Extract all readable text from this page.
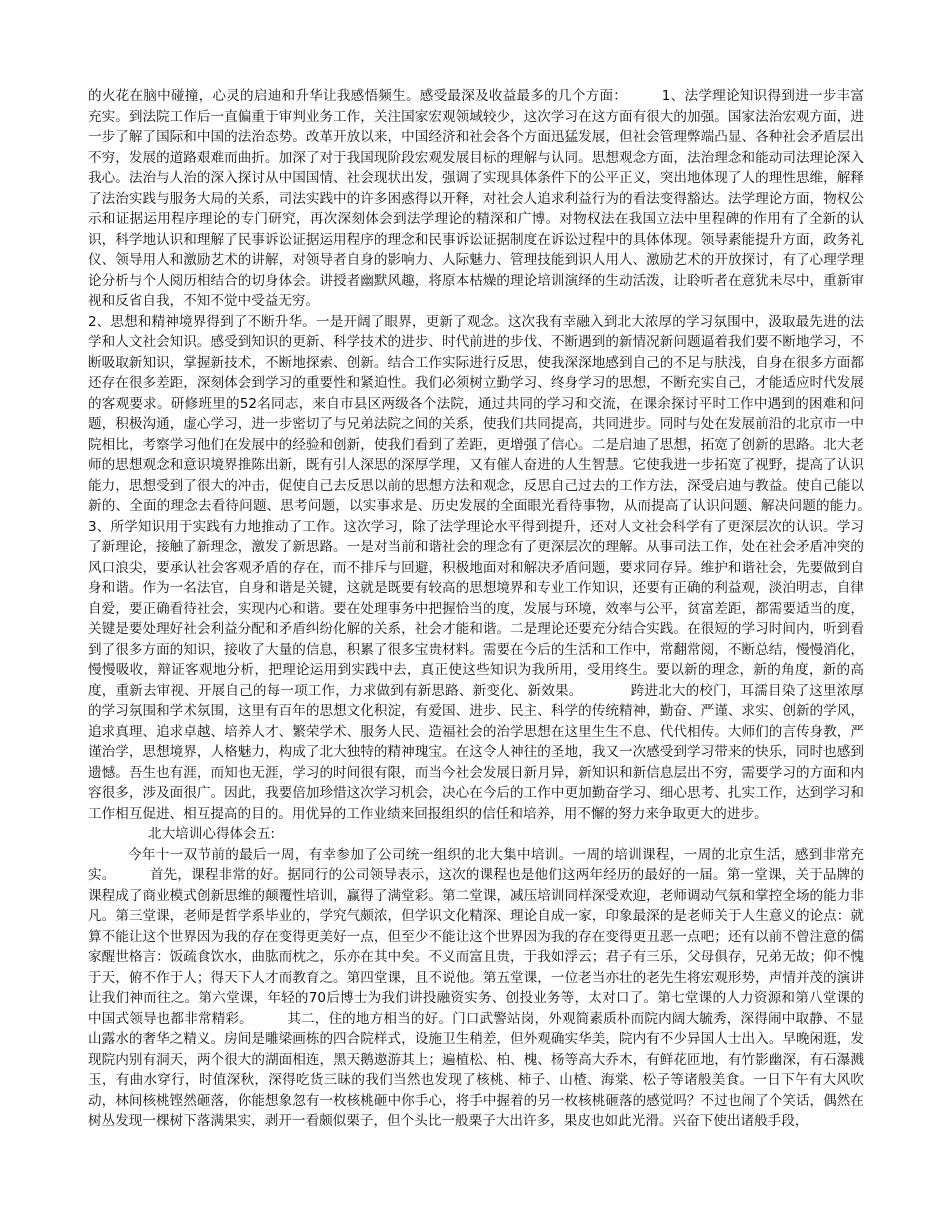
的火花在脑中碰撞，心灵的启迪和升华让我感悟频生。感受最深及收益最多的几个方面：　　　1、法学理论知识得到进一步丰富充实。到法院工作后一直偏重于审判业务工作，关注国家宏观领域较少，这次学习在这方面有很大的加强。国家法治宏观方面，进一步了解了国际和中国的法治态势。改革开放以来，中国经济和社会各个方面迅猛发展，但社会管理弊端凸显、各种社会矛盾层出不穷，发展的道路艰难而曲折。加深了对于我国现阶段宏观发展目标的理解与认同。思想观念方面，法治理念和能动司法理论深入我心。法治与人治的深入探讨从中国国情、社会现状出发，强调了实现具体条件下的公平正义，突出地体现了人的理性思维，解释了法治实践与服务大局的关系，司法实践中的许多困惑得以开释，对社会人追求利益行为的看法变得豁达。法学理论方面，物权公示和证据运用程序理论的专门研究，再次深刻体会到法学理论的精深和广博。对物权法在我国立法中里程碑的作用有了全新的认识，科学地认识和理解了民事诉讼证据运用程序的理念和民事诉讼证据制度在诉讼过程中的具体体现。领导素能提升方面，政务礼仪、领导用人和激励艺术的讲解，对领导者自身的影响力、人际魅力、管理技能到识人用人、激励艺术的开放探讨，有了心理学理论分析与个人阅历相结合的切身体会。讲授者幽默风趣，将原本枯燥的理论培训演绎的生动活泼，让聆听者在意犹未尽中，重新审视和反省自我，不知不觉中受益无穷。

2、思想和精神境界得到了不断升华。一是开阔了眼界，更新了观念。这次我有幸融入到北大浓厚的学习氛围中，汲取最先进的法学和人文社会知识。感受到知识的更新、科学技术的进步、时代前进的步伐、不断遇到的新情况新问题逼着我们要不断地学习，不断吸取新知识，掌握新技术，不断地探索、创新。结合工作实际进行反思，使我深深地感到自己的不足与肤浅，自身在很多方面都还存在很多差距，深刻体会到学习的重要性和紧迫性。我们必须树立勤学习、终身学习的思想，不断充实自己，才能适应时代发展的客观要求。研修班里的52名同志，来自市县区两级各个法院，通过共同的学习和交流，在课余探讨平时工作中遇到的困难和问题，积极沟通，虚心学习，进一步密切了与兄弟法院之间的关系，使我们共同提高，共同进步。同时与处在发展前沿的北京市一中院相比，考察学习他们在发展中的经验和创新，使我们看到了差距，更增强了信心。二是启迪了思想，拓宽了创新的思路。北大老师的思想观念和意识境界推陈出新，既有引人深思的深厚学理，又有催人奋进的人生智慧。它使我进一步拓宽了视野，提高了认识能力，思想受到了很大的冲击，促使自己去反思以前的思想方法和观念，反思自己过去的工作方法，深受启迪与教益。使自己能以新的、全面的理念去看待问题、思考问题，以实事求是、历史发展的全面眼光看待事物，从而提高了认识问题、解决问题的能力。　　　3、所学知识用于实践有力地推动了工作。这次学习，除了法学理论水平得到提升，还对人文社会科学有了更深层次的认识。学习了新理论，接触了新理念，激发了新思路。一是对当前和谐社会的理念有了更深层次的理解。从事司法工作，处在社会矛盾冲突的风口浪尖，要承认社会客观矛盾的存在，而不排斥与回避，积极地面对和解决矛盾问题，要求同存异。维护和谐社会，先要做到自身和谐。作为一名法官，自身和谐是关键，这就是既要有较高的思想境界和专业工作知识，还要有正确的利益观，淡泊明志，自律自爱，要正确看待社会，实现内心和谐。要在处理事务中把握恰当的度，发展与环境，效率与公平，贫富差距，都需要适当的度，关键是要处理好社会利益分配和矛盾纠纷化解的关系，社会才能和谐。二是理论还要充分结合实践。在很短的学习时间内，听到看到了很多方面的知识，接收了大量的信息，积累了很多宝贵材料。需要在今后的生活和工作中，常翻常阅，不断总结，慢慢消化，慢慢吸收，辩证客观地分析，把理论运用到实践中去，真正使这些知识为我所用，受用终生。要以新的理念，新的角度，新的高度，重新去审视、开展自己的每一项工作，力求做到有新思路、新变化、新效果。　　　　跨进北大的校门，耳濡目染了这里浓厚的学习氛围和学术氛围，这里有百年的思想文化积淀，有爱国、进步、民主、科学的传统精神，勤奋、严谨、求实、创新的学风，追求真理、追求卓越、培养人才、繁荣学术、服务人民、造福社会的治学思想在这里生生不息、代代相传。大师们的言传身教，严谨治学，思想境界，人格魅力，构成了北大独特的精神瑰宝。在这令人神往的圣地，我又一次感受到学习带来的快乐，同时也感到遗憾。吾生也有涯，而知也无涯，学习的时间很有限，而当今社会发展日新月异，新知识和新信息层出不穷，需要学习的方面和内容很多，涉及面很广。因此，我要倍加珍惜这次学习机会，决心在今后的工作中更加勤奋学习、细心思考、扎实工作，达到学习和工作相互促进、相互提高的目的。用优异的工作业绩来回报组织的信任和培养，用不懈的努力来争取更大的进步。

北大培训心得体会五:

今年十一双节前的最后一周，有幸参加了公司统一组织的北大集中培训。一周的培训课程，一周的北京生活，感到非常充实。　　　首先，课程非常的好。据同行的公司领导表示，这次的课程也是他们这两年经历的最好的一届。第一堂课，关于品牌的课程成了商业模式创新思维的颠覆性培训，赢得了满堂彩。第二堂课，减压培训同样深受欢迎，老师调动气氛和掌控全场的能力非凡。第三堂课，老师是哲学系毕业的，学究气颇浓，但学识文化精深、理论自成一家，印象最深的是老师关于人生意义的论点：就算不能让这个世界因为我的存在变得更美好一点，但至少不能让这个世界因为我的存在变得更丑恶一点吧；还有以前不曾注意的儒家醒世格言：饭疏食饮水，曲肱而枕之，乐亦在其中矣。不义而富且贵，于我如浮云；君子有三乐，父母俱存，兄弟无故；仰不愧于天，俯不作于人；得天下人才而教育之。第四堂课，且不说他。第五堂课，一位老当亦壮的老先生将宏观形势，声情并茂的演讲让我们神而往之。第六堂课，年轻的70后博士为我们讲投融资实务、创投业务等，太对口了。第七堂课的人力资源和第八堂课的中国式领导也都非常精彩。　　　其二，住的地方相当的好。门口武警站岗，外观简素质朴而院内阔大毓秀，深得闹中取静、不显山露水的奢华之精义。房间是雕梁画栋的四合院样式，设施卫生稍差，但外观确实华美，院内有不少异国人士出入。早晚闲逛，发现院内别有洞天，两个很大的湖面相连，黑天鹅遨游其上；遍植松、柏、槐、杨等高大乔木，有鲜花匝地，有竹影幽深，有石瀑溅玉，有曲水穿行，时值深秋，深得吃货三昧的我们当然也发现了核桃、柿子、山楂、海棠、松子等诸般美食。一日下午有大风吹动，林间核桃铿然砸落，你能想象忽有一枚核桃砸中你手心，将手中握着的另一枚核桃砸落的感觉吗？不过也闹了个笑话，偶然在树丛发现一棵树下落满果实，剥开一看颇似栗子，但个头比一般栗子大出许多，果皮也如此光滑。兴奋下使出诸般手段，
